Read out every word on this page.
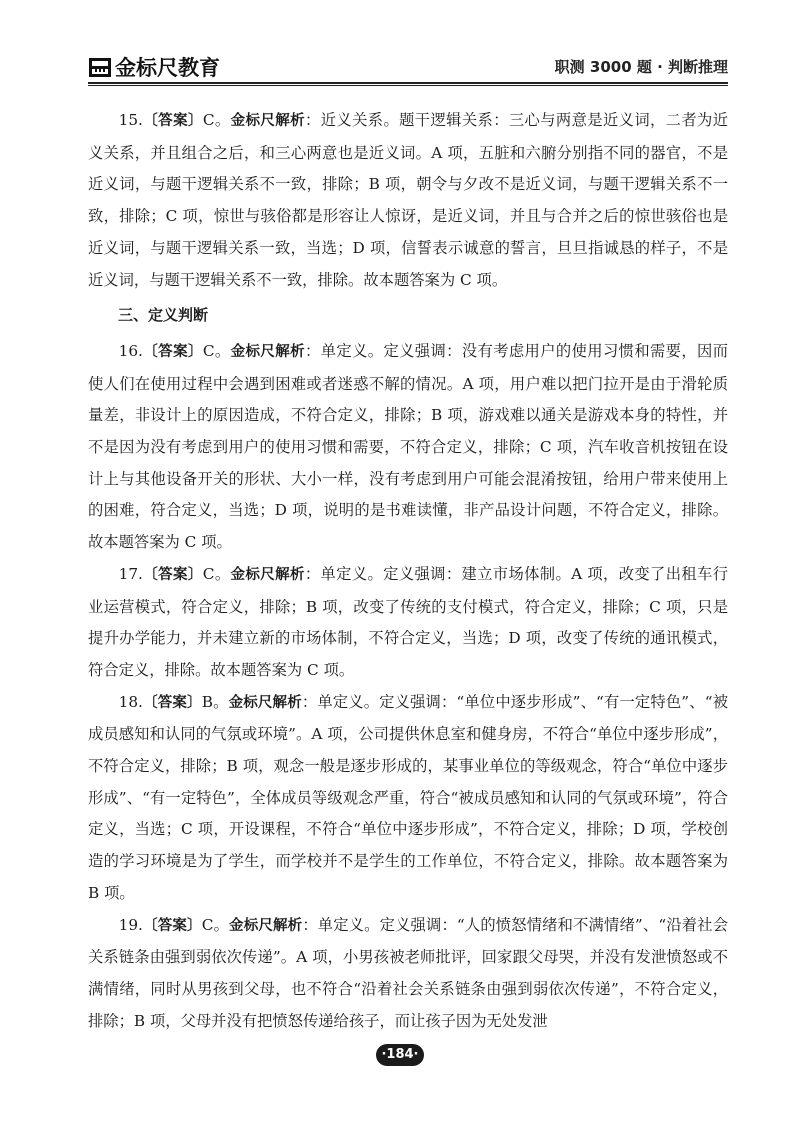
金标尺教育	职测 3000 题 · 判断推理

15.〔答案〕C。金标尺解析：近义关系。题干逻辑关系：三心与两意是近义词，二者为近义关系，并且组合之后，和三心两意也是近义词。A 项，五脏和六腑分别指不同的器官，不是近义词，与题干逻辑关系不一致，排除；B 项，朝令与夕改不是近义词，与题干逻辑关系不一致，排除；C 项，惊世与骇俗都是形容让人惊讶，是近义词，并且与合并之后的惊世骇俗也是近义词，与题干逻辑关系一致，当选；D 项，信誓表示诚意的誓言，旦旦指诚恳的样子，不是近义词，与题干逻辑关系不一致，排除。故本题答案为 C 项。

三、定义判断

16.〔答案〕C。金标尺解析：单定义。定义强调：没有考虑用户的使用习惯和需要，因而使人们在使用过程中会遇到困难或者迷惑不解的情况。A 项，用户难以把门拉开是由于滑轮质量差，非设计上的原因造成，不符合定义，排除；B 项，游戏难以通关是游戏本身的特性，并不是因为没有考虑到用户的使用习惯和需要，不符合定义，排除；C 项，汽车收音机按钮在设计上与其他设备开关的形状、大小一样，没有考虑到用户可能会混淆按钮，给用户带来使用上的困难，符合定义，当选；D 项，说明的是书难读懂，非产品设计问题，不符合定义，排除。故本题答案为 C 项。

17.〔答案〕C。金标尺解析：单定义。定义强调：建立市场体制。A 项，改变了出租车行业运营模式，符合定义，排除；B 项，改变了传统的支付模式，符合定义，排除；C 项，只是提升办学能力，并未建立新的市场体制，不符合定义，当选；D 项，改变了传统的通讯模式，符合定义，排除。故本题答案为 C 项。

18.〔答案〕B。金标尺解析：单定义。定义强调：“单位中逐步形成”、“有一定特色”、“被成员感知和认同的气氛或环境”。A 项，公司提供休息室和健身房，不符合“单位中逐步形成”，不符合定义，排除；B 项，观念一般是逐步形成的，某事业单位的等级观念，符合“单位中逐步形成”、“有一定特色”，全体成员等级观念严重，符合“被成员感知和认同的气氛或环境”，符合定义，当选；C 项，开设课程，不符合“单位中逐步形成”，不符合定义，排除；D 项，学校创造的学习环境是为了学生，而学校并不是学生的工作单位，不符合定义，排除。故本题答案为 B 项。

19.〔答案〕C。金标尺解析：单定义。定义强调：“人的愤怒情绪和不满情绪”、“沿着社会关系链条由强到弱依次传递”。A 项，小男孩被老师批评，回家跟父母哭，并没有发泄愤怒或不满情绪，同时从男孩到父母，也不符合“沿着社会关系链条由强到弱依次传递”，不符合定义，排除；B 项，父母并没有把愤怒传递给孩子，而让孩子因为无处发泄

·184·
